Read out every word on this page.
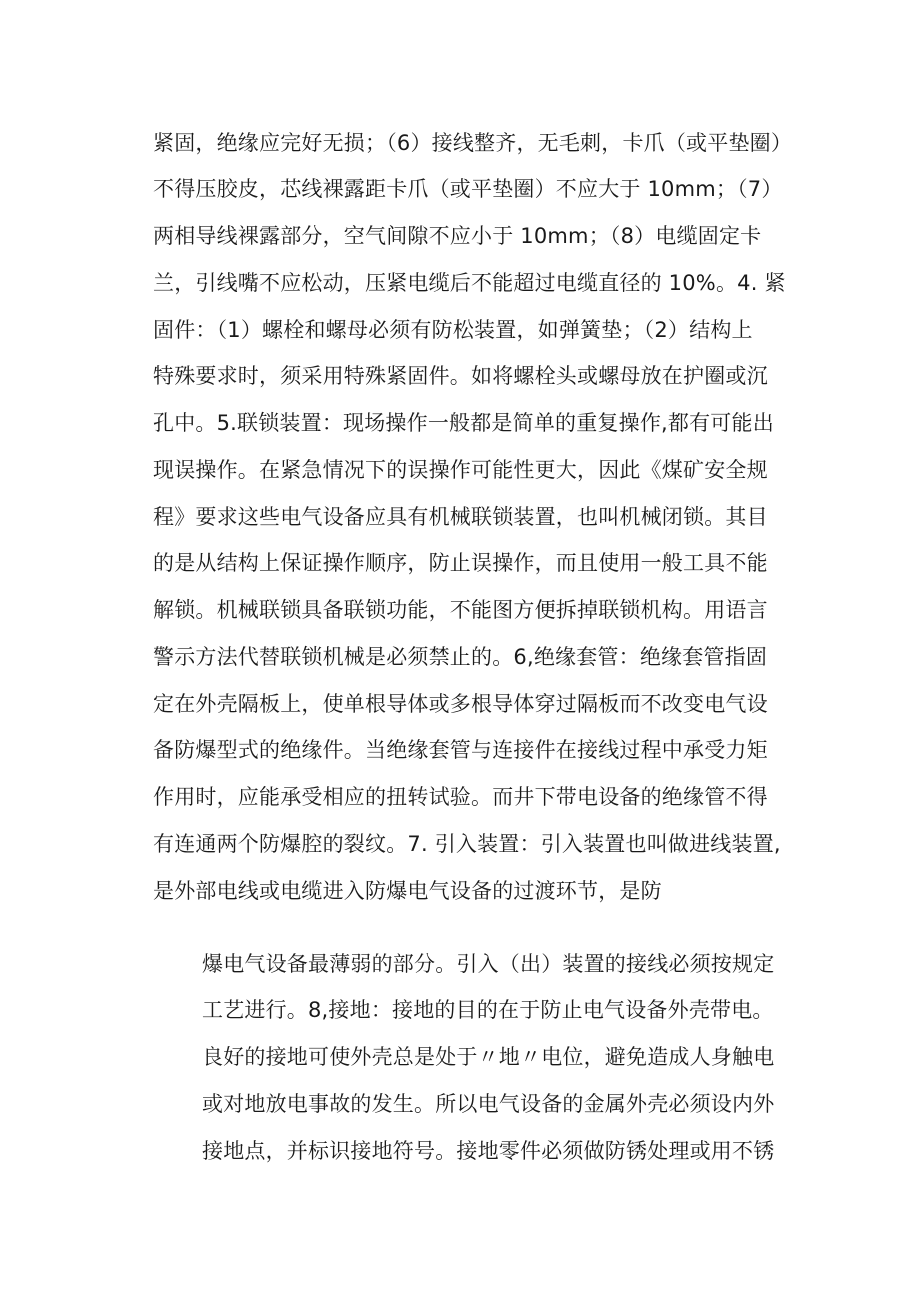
紧固，绝缘应完好无损；（6）接线整齐，无毛刺，卡爪（或平垫圈）
不得压胶皮，芯线裸露距卡爪（或平垫圈）不应大于 10mm；（7）
两相导线裸露部分，空气间隙不应小于 10mm；（8）电缆固定卡
兰，引线嘴不应松动，压紧电缆后不能超过电缆直径的 10%。4. 紧
固件：（1）螺栓和螺母必须有防松装置，如弹簧垫；（2）结构上
特殊要求时，须采用特殊紧固件。如将螺栓头或螺母放在护圈或沉
孔中。5.联锁装置：现场操作一般都是简单的重复操作,都有可能出
现误操作。在紧急情况下的误操作可能性更大，因此《煤矿安全规
程》要求这些电气设备应具有机械联锁装置，也叫机械闭锁。其目
的是从结构上保证操作顺序，防止误操作，而且使用一般工具不能
解锁。机械联锁具备联锁功能，不能图方便拆掉联锁机构。用语言
警示方法代替联锁机械是必须禁止的。6,绝缘套管：绝缘套管指固
定在外壳隔板上，使单根导体或多根导体穿过隔板而不改变电气设
备防爆型式的绝缘件。当绝缘套管与连接件在接线过程中承受力矩
作用时，应能承受相应的扭转试验。而井下带电设备的绝缘管不得
有连通两个防爆腔的裂纹。7. 引入装置：引入装置也叫做进线装置,
是外部电线或电缆进入防爆电气设备的过渡环节，是防
爆电气设备最薄弱的部分。引入（出）装置的接线必须按规定
工艺进行。8,接地：接地的目的在于防止电气设备外壳带电。
良好的接地可使外壳总是处于〃地〃电位，避免造成人身触电
或对地放电事故的发生。所以电气设备的金属外壳必须设内外
接地点，并标识接地符号。接地零件必须做防锈处理或用不锈
